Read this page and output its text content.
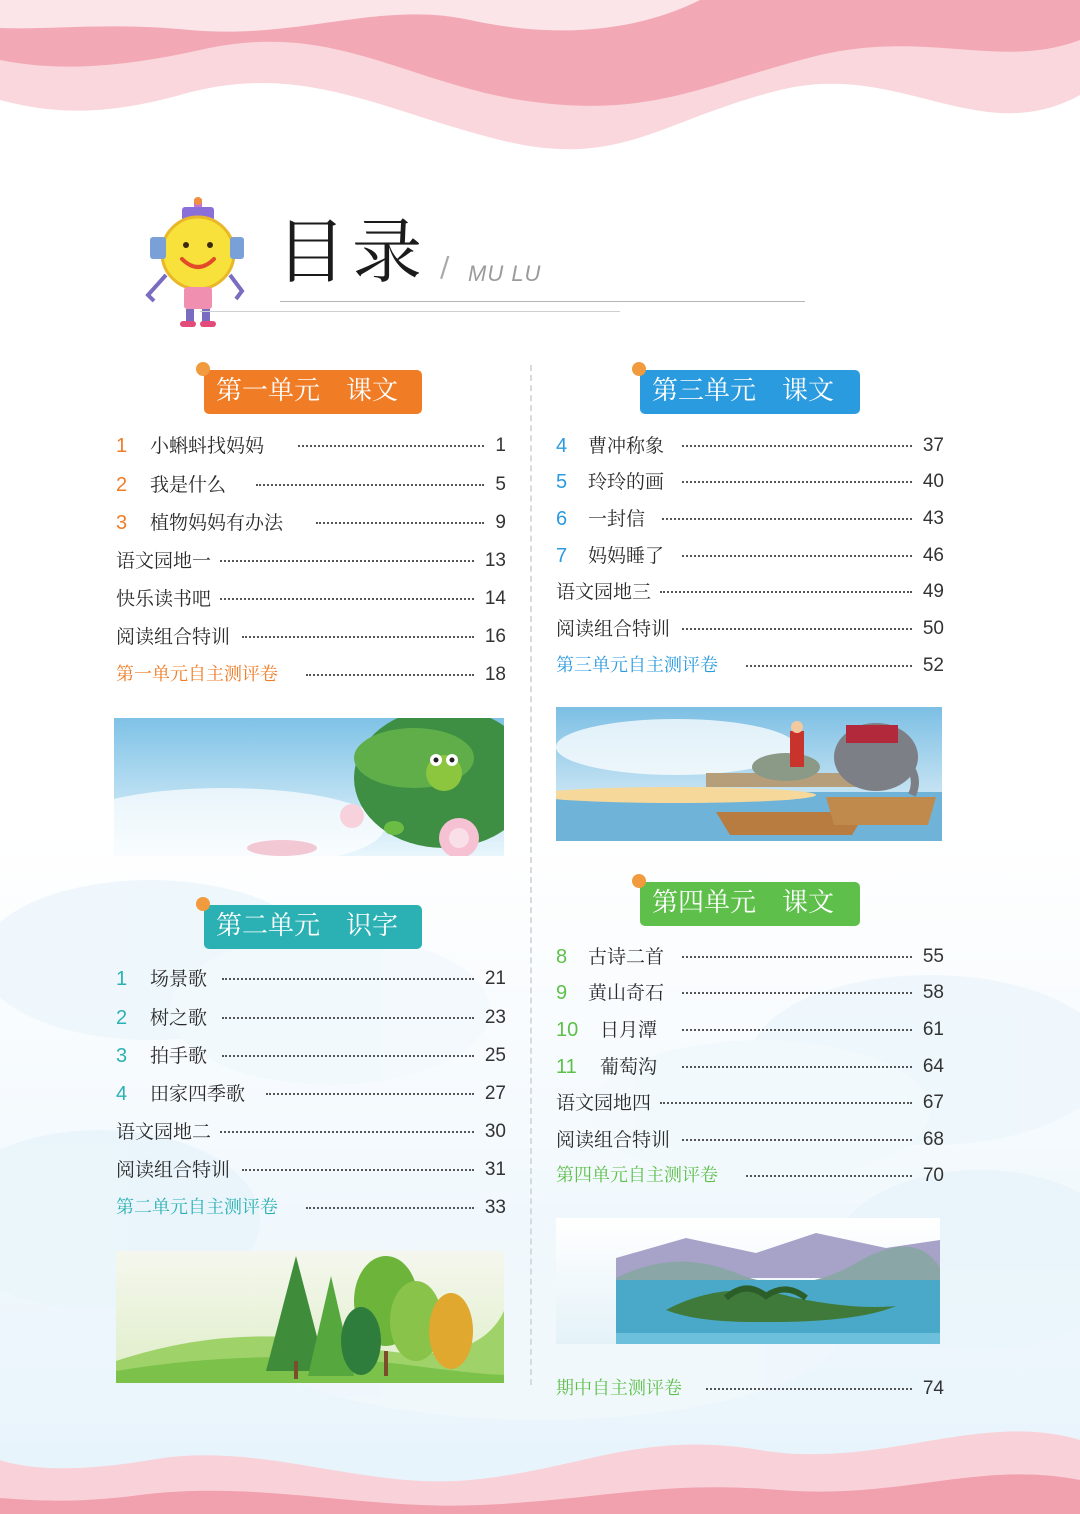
目录 / MU LU
第一单元　课文
1 小蝌蚪找妈妈	1
2 我是什么	5
3 植物妈妈有办法	9
语文园地一	13
快乐读书吧	14
阅读组合特训	16
第一单元自主测评卷	18
第二单元　识字
1 场景歌	21
2 树之歌	23
3 拍手歌	25
4 田家四季歌	27
语文园地二	30
阅读组合特训	31
第二单元自主测评卷	33
第三单元　课文
4 曹冲称象	37
5 玲玲的画	40
6 一封信	43
7 妈妈睡了	46
语文园地三	49
阅读组合特训	50
第三单元自主测评卷	52
第四单元　课文
8 古诗二首	55
9 黄山奇石	58
10 日月潭	61
11 葡萄沟	64
语文园地四	67
阅读组合特训	68
第四单元自主测评卷	70
期中自主测评卷	74
